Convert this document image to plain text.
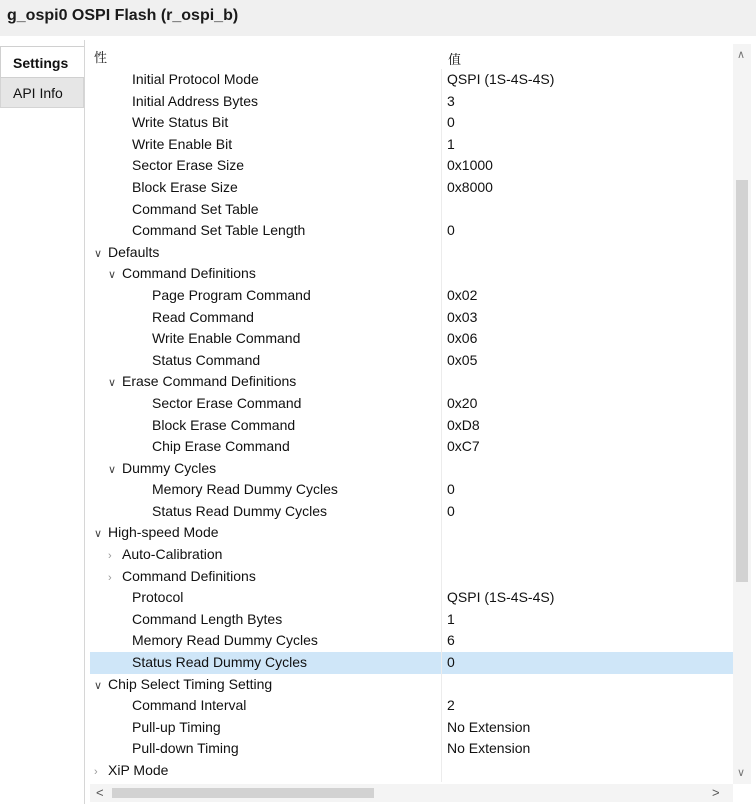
g_ospi0 OSPI Flash (r_ospi_b)
Settings
API Info
性	值
Initial Protocol Mode	QSPI (1S-4S-4S)
Initial Address Bytes	3
Write Status Bit	0
Write Enable Bit	1
Sector Erase Size	0x1000
Block Erase Size	0x8000
Command Set Table
Command Set Table Length	0
∨ Defaults
∨ Command Definitions
Page Program Command	0x02
Read Command	0x03
Write Enable Command	0x06
Status Command	0x05
∨ Erase Command Definitions
Sector Erase Command	0x20
Block Erase Command	0xD8
Chip Erase Command	0xC7
∨ Dummy Cycles
Memory Read Dummy Cycles	0
Status Read Dummy Cycles	0
∨ High-speed Mode
› Auto-Calibration
› Command Definitions
Protocol	QSPI (1S-4S-4S)
Command Length Bytes	1
Memory Read Dummy Cycles	6
Status Read Dummy Cycles	0
∨ Chip Select Timing Setting
Command Interval	2
Pull-up Timing	No Extension
Pull-down Timing	No Extension
› XiP Mode
∧
∨
<	>
